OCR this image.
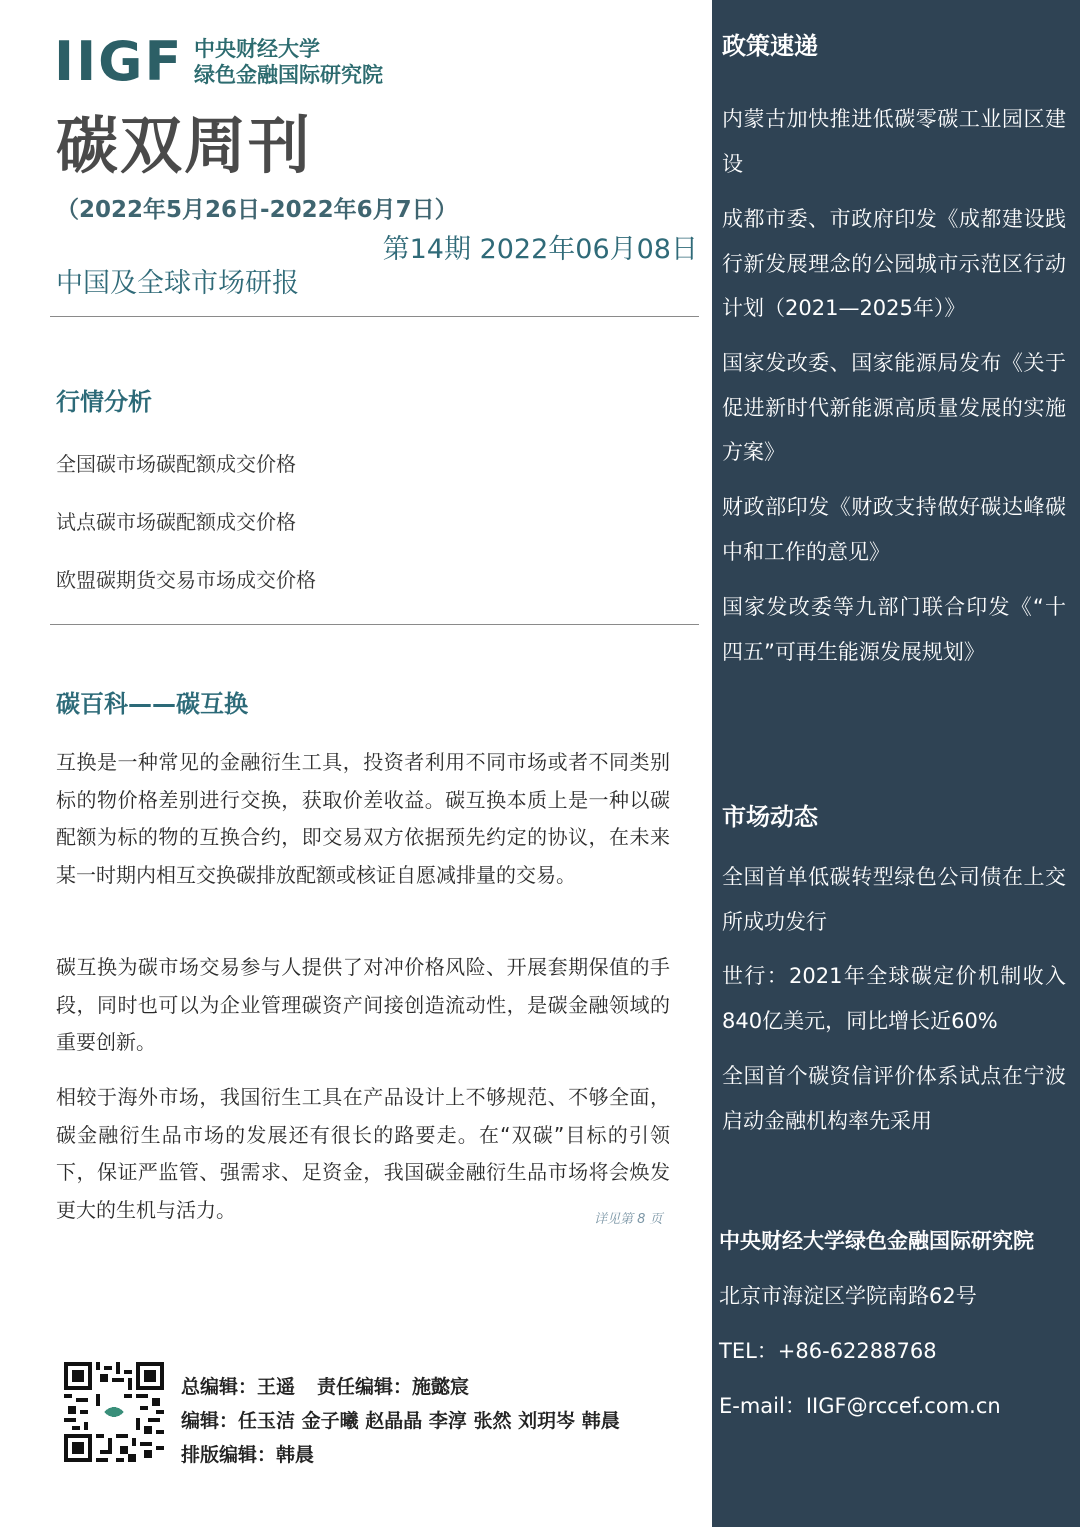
IIGF 中央财经大学
绿色金融国际研究院
碳双周刊
（2022年5月26日-2022年6月7日）
第14期 2022年06月08日
中国及全球市场研报
行情分析
全国碳市场碳配额成交价格
试点碳市场碳配额成交价格
欧盟碳期货交易市场成交价格
碳百科——碳互换
互换是一种常见的金融衍生工具，投资者利用不同市场或者不同类别标的物价格差别进行交换，获取价差收益。碳互换本质上是一种以碳配额为标的物的互换合约，即交易双方依据预先约定的协议，在未来某一时期内相互交换碳排放配额或核证自愿减排量的交易。
碳互换为碳市场交易参与人提供了对冲价格风险、开展套期保值的手段，同时也可以为企业管理碳资产间接创造流动性，是碳金融领域的重要创新。
相较于海外市场，我国衍生工具在产品设计上不够规范、不够全面，碳金融衍生品市场的发展还有很长的路要走。在“双碳”目标的引领下，保证严监管、强需求、足资金，我国碳金融衍生品市场将会焕发更大的生机与活力。	详见第 8 页
总编辑：王遥 责任编辑：施懿宸
编辑：任玉洁 金子曦 赵晶晶 李淳 张然 刘玥岑 韩晨
排版编辑：韩晨
政策速递
内蒙古加快推进低碳零碳工业园区建设
成都市委、市政府印发《成都建设践行新发展理念的公园城市示范区行动计划（2021—2025年）》
国家发改委、国家能源局发布《关于促进新时代新能源高质量发展的实施方案》
财政部印发《财政支持做好碳达峰碳中和工作的意见》
国家发改委等九部门联合印发《“十四五”可再生能源发展规划》
市场动态
全国首单低碳转型绿色公司债在上交所成功发行
世行：2021年全球碳定价机制收入840亿美元，同比增长近60%
全国首个碳资信评价体系试点在宁波启动金融机构率先采用
中央财经大学绿色金融国际研究院
北京市海淀区学院南路62号
TEL：+86-62288768
E-mail：IIGF@rccef.com.cn
